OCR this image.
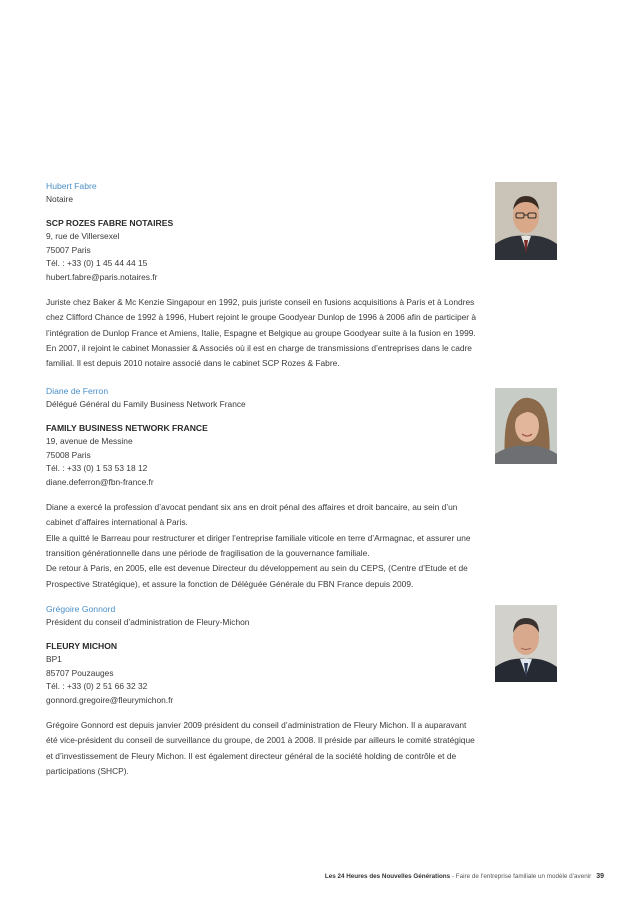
Hubert Fabre
Notaire
SCP ROZES FABRE NOTAIRES
9, rue de Villersexel
75007 Paris
Tél. : +33 (0) 1 45 44 44 15
hubert.fabre@paris.notaires.fr
Juriste chez Baker & Mc Kenzie Singapour en 1992, puis juriste conseil en fusions acquisitions à Paris et à Londres
chez Clifford Chance de 1992 à 1996, Hubert rejoint le groupe Goodyear Dunlop de 1996 à 2006 afin de participer à
l’intégration de Dunlop France et Amiens, Italie, Espagne et Belgique au groupe Goodyear suite à la fusion en 1999.
En 2007, il rejoint le cabinet Monassier & Associés où il est en charge de transmissions d’entreprises dans le cadre
familial. Il est depuis 2010 notaire associé dans le cabinet SCP Rozes & Fabre.
Diane de Ferron
Délégué Général du Family Business Network France
FAMILY BUSINESS NETWORK FRANCE
19, avenue de Messine
75008 Paris
Tél. : +33 (0) 1 53 53 18 12
diane.deferron@fbn-france.fr
Diane a exercé la profession d’avocat pendant six ans en droit pénal des affaires et droit bancaire, au sein d’un
cabinet d’affaires international à Paris.
Elle a quitté le Barreau pour restructurer et diriger l’entreprise familiale viticole en terre d’Armagnac, et assurer une
transition générationnelle dans une période de fragilisation de la gouvernance familiale.
De retour à Paris, en 2005, elle est devenue Directeur du développement au sein du CEPS, (Centre d’Etude et de
Prospective Stratégique), et assure la fonction de Déléguée Générale du FBN France depuis 2009.
Grégoire Gonnord
Président du conseil d’administration de Fleury-Michon
FLEURY MICHON
BP1
85707 Pouzauges
Tél. : +33 (0) 2 51 66 32 32
gonnord.gregoire@fleurymichon.fr
Grégoire Gonnord est depuis janvier 2009 président du conseil d’administration de Fleury Michon. Il a auparavant
été vice-président du conseil de surveillance du groupe, de 2001 à 2008. Il préside par ailleurs le comité stratégique
et d’investissement de Fleury Michon. Il est également directeur général de la société holding de contrôle et de
participations (SHCP).
Les 24 Heures des Nouvelles Générations - Faire de l’entreprise familiale un modèle d’avenir 39
